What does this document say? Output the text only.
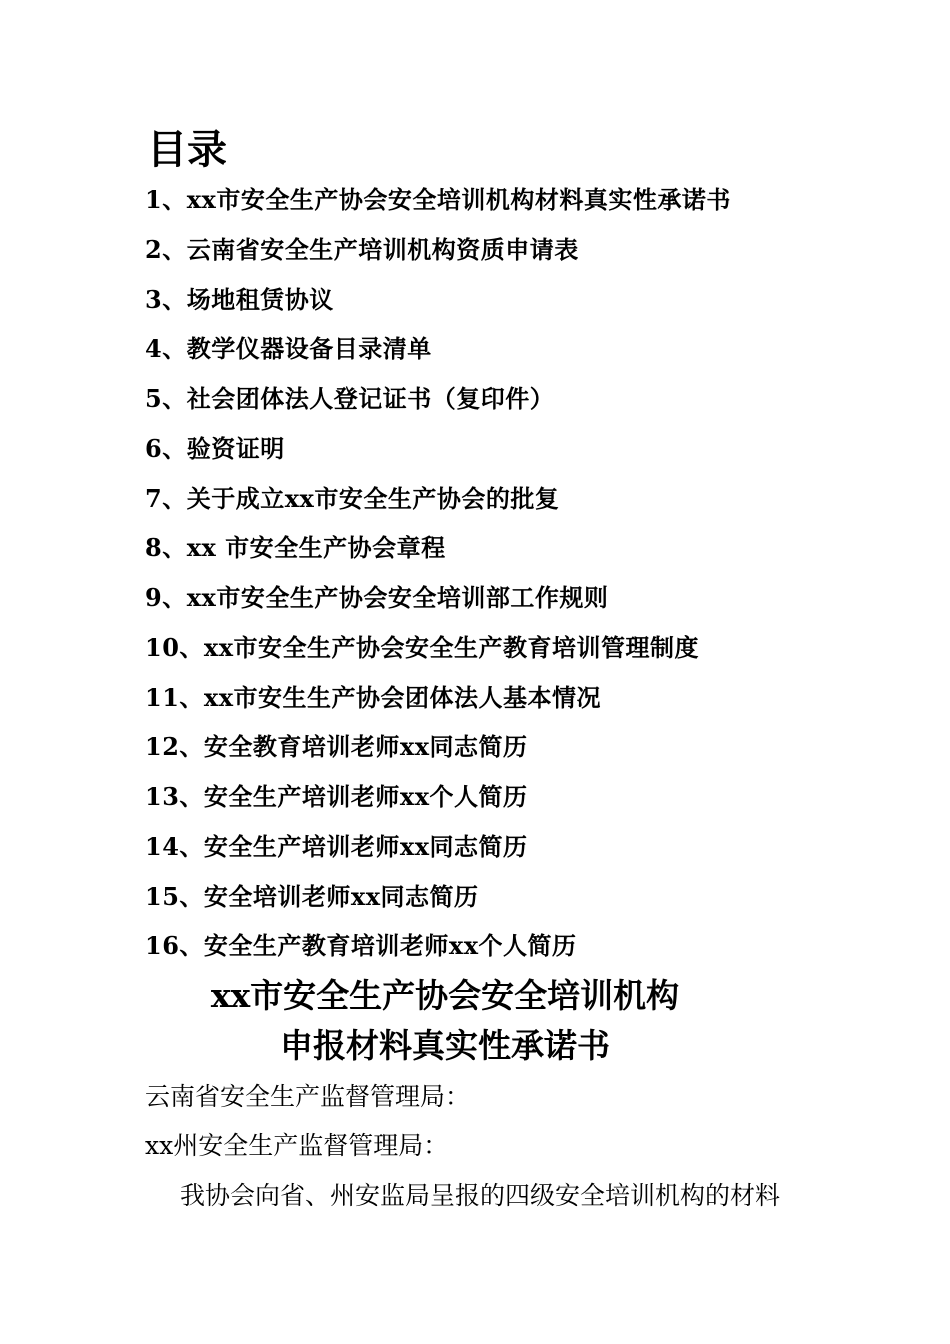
目录
1、xx市安全生产协会安全培训机构材料真实性承诺书
2、云南省安全生产培训机构资质申请表
3、场地租赁协议
4、教学仪器设备目录清单
5、社会团体法人登记证书（复印件）
6、验资证明
7、关于成立xx市安全生产协会的批复
8、xx 市安全生产协会章程
9、xx市安全生产协会安全培训部工作规则
10、xx市安全生产协会安全生产教育培训管理制度
11、xx市安生生产协会团体法人基本情况
12、安全教育培训老师xx同志简历
13、安全生产培训老师xx个人简历
14、安全生产培训老师xx同志简历
15、安全培训老师xx同志简历
16、安全生产教育培训老师xx个人简历
xx市安全生产协会安全培训机构
申报材料真实性承诺书

云南省安全生产监督管理局：

xx州安全生产监督管理局：

我协会向省、州安监局呈报的四级安全培训机构的材料
